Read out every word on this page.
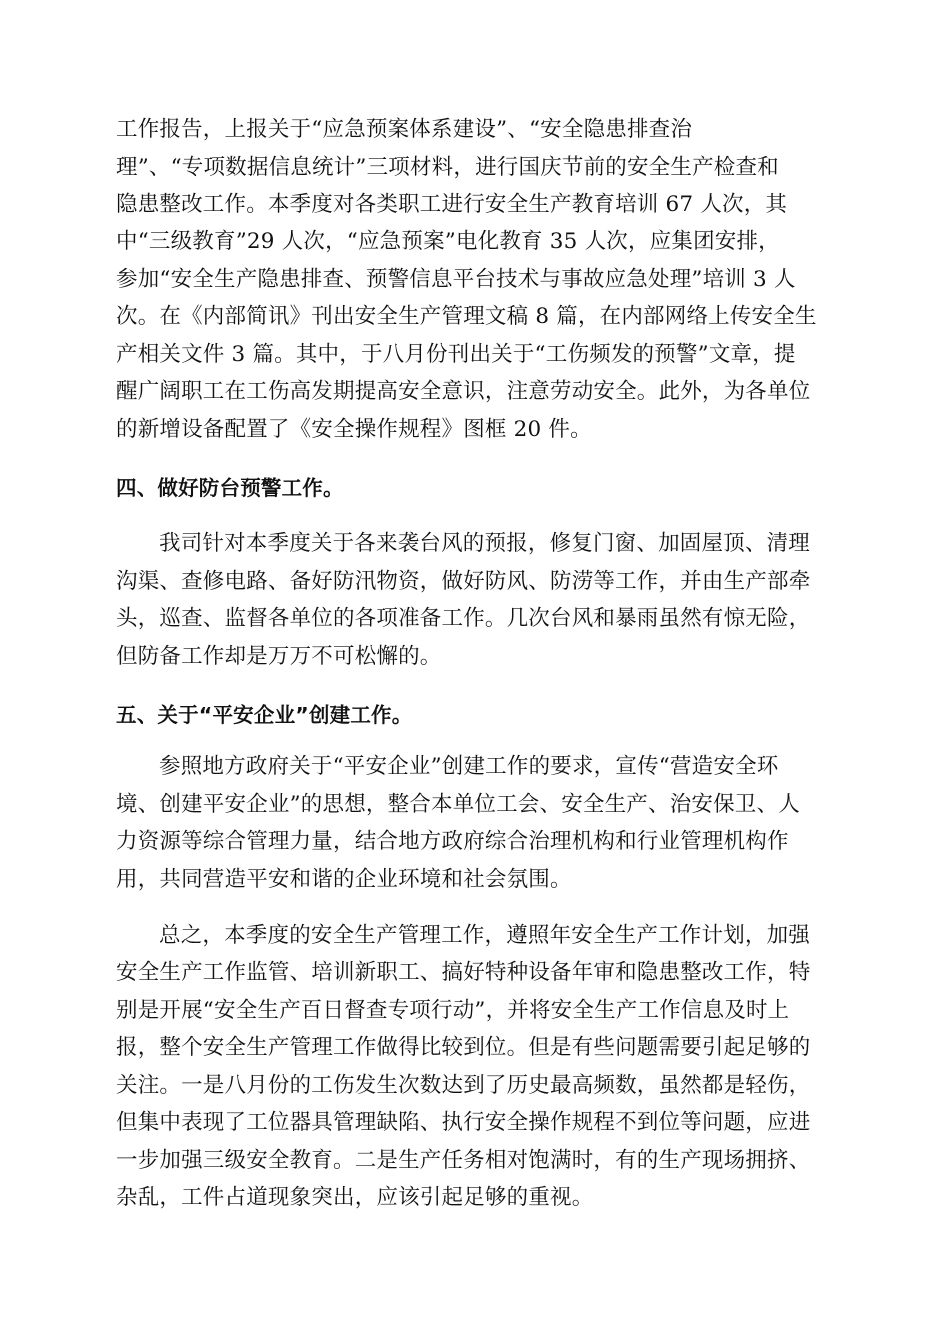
工作报告，上报关于“应急预案体系建设”、“安全隐患排查治
理”、“专项数据信息统计”三项材料，进行国庆节前的安全生产检查和
隐患整改工作。本季度对各类职工进行安全生产教育培训 67 人次，其
中“三级教育”29 人次，“应急预案”电化教育 35 人次，应集团安排，
参加“安全生产隐患排查、预警信息平台技术与事故应急处理”培训 3 人
次。在《内部简讯》刊出安全生产管理文稿 8 篇，在内部网络上传安全生
产相关文件 3 篇。其中，于八月份刊出关于“工伤频发的预警”文章，提
醒广阔职工在工伤高发期提高安全意识，注意劳动安全。此外，为各单位
的新增设备配置了《安全操作规程》图框 20 件。
四、做好防台预警工作。
我司针对本季度关于各来袭台风的预报，修复门窗、加固屋顶、清理
沟渠、查修电路、备好防汛物资，做好防风、防涝等工作，并由生产部牵
头，巡查、监督各单位的各项准备工作。几次台风和暴雨虽然有惊无险，
但防备工作却是万万不可松懈的。
五、关于“平安企业”创建工作。
参照地方政府关于“平安企业”创建工作的要求，宣传“营造安全环
境、创建平安企业”的思想，整合本单位工会、安全生产、治安保卫、人
力资源等综合管理力量，结合地方政府综合治理机构和行业管理机构作
用，共同营造平安和谐的企业环境和社会氛围。
总之，本季度的安全生产管理工作，遵照年安全生产工作计划，加强
安全生产工作监管、培训新职工、搞好特种设备年审和隐患整改工作，特
别是开展“安全生产百日督查专项行动”，并将安全生产工作信息及时上
报，整个安全生产管理工作做得比较到位。但是有些问题需要引起足够的
关注。一是八月份的工伤发生次数达到了历史最高频数，虽然都是轻伤，
但集中表现了工位器具管理缺陷、执行安全操作规程不到位等问题，应进
一步加强三级安全教育。二是生产任务相对饱满时，有的生产现场拥挤、
杂乱，工件占道现象突出，应该引起足够的重视。
